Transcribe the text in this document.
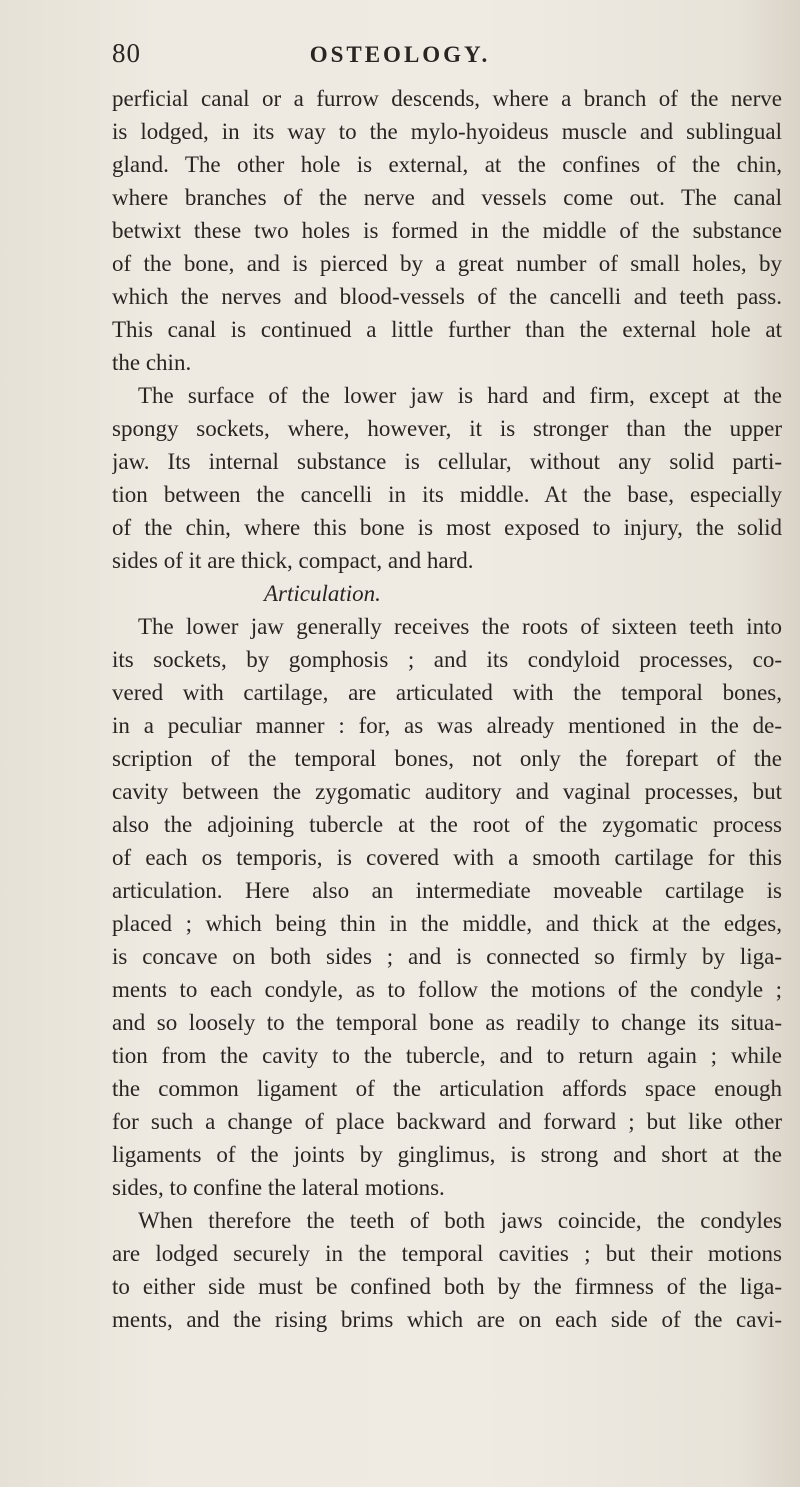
80	OSTEOLOGY.
perficial canal or a furrow descends, where a branch of the nerve
is lodged, in its way to the mylo-hyoideus muscle and sublingual
gland. The other hole is external, at the confines of the chin,
where branches of the nerve and vessels come out. The canal
betwixt these two holes is formed in the middle of the substance
of the bone, and is pierced by a great number of small holes, by
which the nerves and blood-vessels of the cancelli and teeth pass.
This canal is continued a little further than the external hole at
the chin.
The surface of the lower jaw is hard and firm, except at the
spongy sockets, where, however, it is stronger than the upper
jaw. Its internal substance is cellular, without any solid parti-
tion between the cancelli in its middle. At the base, especially
of the chin, where this bone is most exposed to injury, the solid
sides of it are thick, compact, and hard.
Articulation.
The lower jaw generally receives the roots of sixteen teeth into
its sockets, by gomphosis ; and its condyloid processes, co-
vered with cartilage, are articulated with the temporal bones,
in a peculiar manner : for, as was already mentioned in the de-
scription of the temporal bones, not only the forepart of the
cavity between the zygomatic auditory and vaginal processes, but
also the adjoining tubercle at the root of the zygomatic process
of each os temporis, is covered with a smooth cartilage for this
articulation. Here also an intermediate moveable cartilage is
placed ; which being thin in the middle, and thick at the edges,
is concave on both sides ; and is connected so firmly by liga-
ments to each condyle, as to follow the motions of the condyle ;
and so loosely to the temporal bone as readily to change its situa-
tion from the cavity to the tubercle, and to return again ; while
the common ligament of the articulation affords space enough
for such a change of place backward and forward ; but like other
ligaments of the joints by ginglimus, is strong and short at the
sides, to confine the lateral motions.
When therefore the teeth of both jaws coincide, the condyles
are lodged securely in the temporal cavities ; but their motions
to either side must be confined both by the firmness of the liga-
ments, and the rising brims which are on each side of the cavi-
